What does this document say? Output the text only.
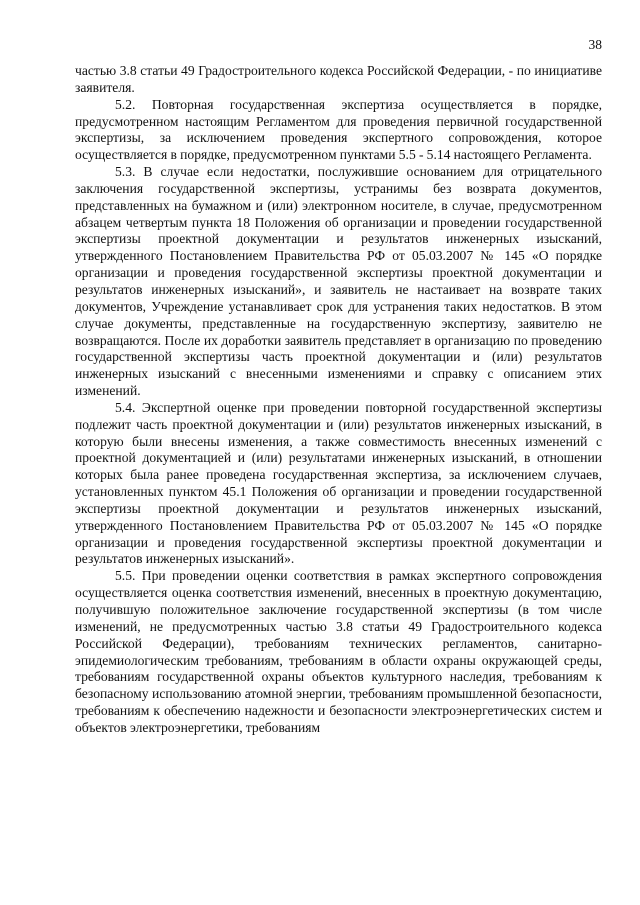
38

частью 3.8 статьи 49 Градостроительного кодекса Российской Федерации, - по инициативе заявителя.

5.2. Повторная государственная экспертиза осуществляется в порядке, предусмотренном настоящим Регламентом для проведения первичной государственной экспертизы, за исключением проведения экспертного сопровождения, которое осуществляется в порядке, предусмотренном пунктами 5.5 - 5.14 настоящего Регламента.

5.3. В случае если недостатки, послужившие основанием для отрицательного заключения государственной экспертизы, устранимы без возврата документов, представленных на бумажном и (или) электронном носителе, в случае, предусмотренном абзацем четвертым пункта 18 Положения об организации и проведении государственной экспертизы проектной документации и результатов инженерных изысканий, утвержденного Постановлением Правительства РФ от 05.03.2007 № 145 «О порядке организации и проведения государственной экспертизы проектной документации и результатов инженерных изысканий», и заявитель не настаивает на возврате таких документов, Учреждение устанавливает срок для устранения таких недостатков. В этом случае документы, представленные на государственную экспертизу, заявителю не возвращаются. После их доработки заявитель представляет в организацию по проведению государственной экспертизы часть проектной документации и (или) результатов инженерных изысканий с внесенными изменениями и справку с описанием этих изменений.

5.4. Экспертной оценке при проведении повторной государственной экспертизы подлежит часть проектной документации и (или) результатов инженерных изысканий, в которую были внесены изменения, а также совместимость внесенных изменений с проектной документацией и (или) результатами инженерных изысканий, в отношении которых была ранее проведена государственная экспертиза, за исключением случаев, установленных пунктом 45.1 Положения об организации и проведении государственной экспертизы проектной документации и результатов инженерных изысканий, утвержденного Постановлением Правительства РФ от 05.03.2007 № 145 «О порядке организации и проведения государственной экспертизы проектной документации и результатов инженерных изысканий».

5.5. При проведении оценки соответствия в рамках экспертного сопровождения осуществляется оценка соответствия изменений, внесенных в проектную документацию, получившую положительное заключение государственной экспертизы (в том числе изменений, не предусмотренных частью 3.8 статьи 49 Градостроительного кодекса Российской Федерации), требованиям технических регламентов, санитарно-эпидемиологическим требованиям, требованиям в области охраны окружающей среды, требованиям государственной охраны объектов культурного наследия, требованиям к безопасному использованию атомной энергии, требованиям промышленной безопасности, требованиям к обеспечению надежности и безопасности электроэнергетических систем и объектов электроэнергетики, требованиям
